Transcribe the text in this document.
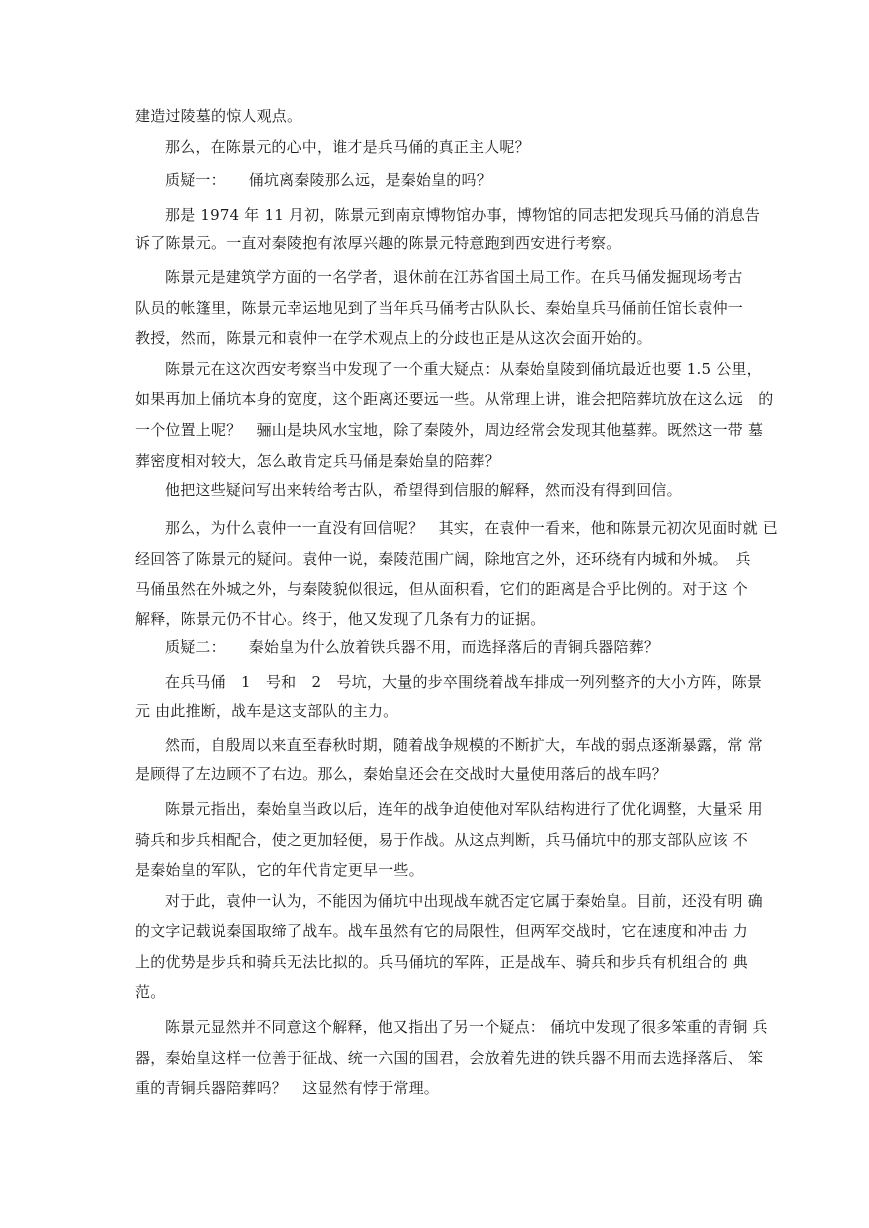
建造过陵墓的惊人观点。
那么，在陈景元的心中，谁才是兵马俑的真正主人呢？
质疑一：　　俑坑离秦陵那么远，是秦始皇的吗？
那是 1974 年 11 月初，陈景元到南京博物馆办事，博物馆的同志把发现兵马俑的消息告
诉了陈景元。一直对秦陵抱有浓厚兴趣的陈景元特意跑到西安进行考察。
陈景元是建筑学方面的一名学者，退休前在江苏省国土局工作。在兵马俑发掘现场考古
队员的帐篷里，陈景元幸运地见到了当年兵马俑考古队队长、秦始皇兵马俑前任馆长袁仲一
教授，然而，陈景元和袁仲一在学术观点上的分歧也正是从这次会面开始的。
陈景元在这次西安考察当中发现了一个重大疑点：从秦始皇陵到俑坑最近也要 1.5 公里，
如果再加上俑坑本身的宽度，这个距离还要远一些。从常理上讲，谁会把陪葬坑放在这么远　的
一个位置上呢？　骊山是块风水宝地，除了秦陵外，周边经常会发现其他墓葬。既然这一带 墓
葬密度相对较大，怎么敢肯定兵马俑是秦始皇的陪葬？
他把这些疑问写出来转给考古队，希望得到信服的解释，然而没有得到回信。
那么，为什么袁仲一一直没有回信呢？　其实，在袁仲一看来，他和陈景元初次见面时就 已
经回答了陈景元的疑问。袁仲一说，秦陵范围广阔，除地宫之外，还环绕有内城和外城。　兵
马俑虽然在外城之外，与秦陵貌似很远，但从面积看，它们的距离是合乎比例的。对于这 个
解释，陈景元仍不甘心。终于，他又发现了几条有力的证据。
质疑二：　　秦始皇为什么放着铁兵器不用，而选择落后的青铜兵器陪葬？
在兵马俑　1　号和　2　号坑，大量的步卒围绕着战车排成一列列整齐的大小方阵，陈景
元 由此推断，战车是这支部队的主力。
然而，自殷周以来直至春秋时期，随着战争规模的不断扩大，车战的弱点逐渐暴露，常 常
是顾得了左边顾不了右边。那么，秦始皇还会在交战时大量使用落后的战车吗？
陈景元指出，秦始皇当政以后，连年的战争迫使他对军队结构进行了优化调整，大量采 用
骑兵和步兵相配合，使之更加轻便，易于作战。从这点判断，兵马俑坑中的那支部队应该 不
是秦始皇的军队，它的年代肯定更早一些。
对于此，袁仲一认为，不能因为俑坑中出现战车就否定它属于秦始皇。目前，还没有明 确
的文字记载说秦国取缔了战车。战车虽然有它的局限性，但两军交战时，它在速度和冲击 力
上的优势是步兵和骑兵无法比拟的。兵马俑坑的军阵，正是战车、骑兵和步兵有机组合的 典
范。
陈景元显然并不同意这个解释，他又指出了另一个疑点： 俑坑中发现了很多笨重的青铜 兵
器，秦始皇这样一位善于征战、统一六国的国君，会放着先进的铁兵器不用而去选择落后、 笨
重的青铜兵器陪葬吗？　这显然有悖于常理。
